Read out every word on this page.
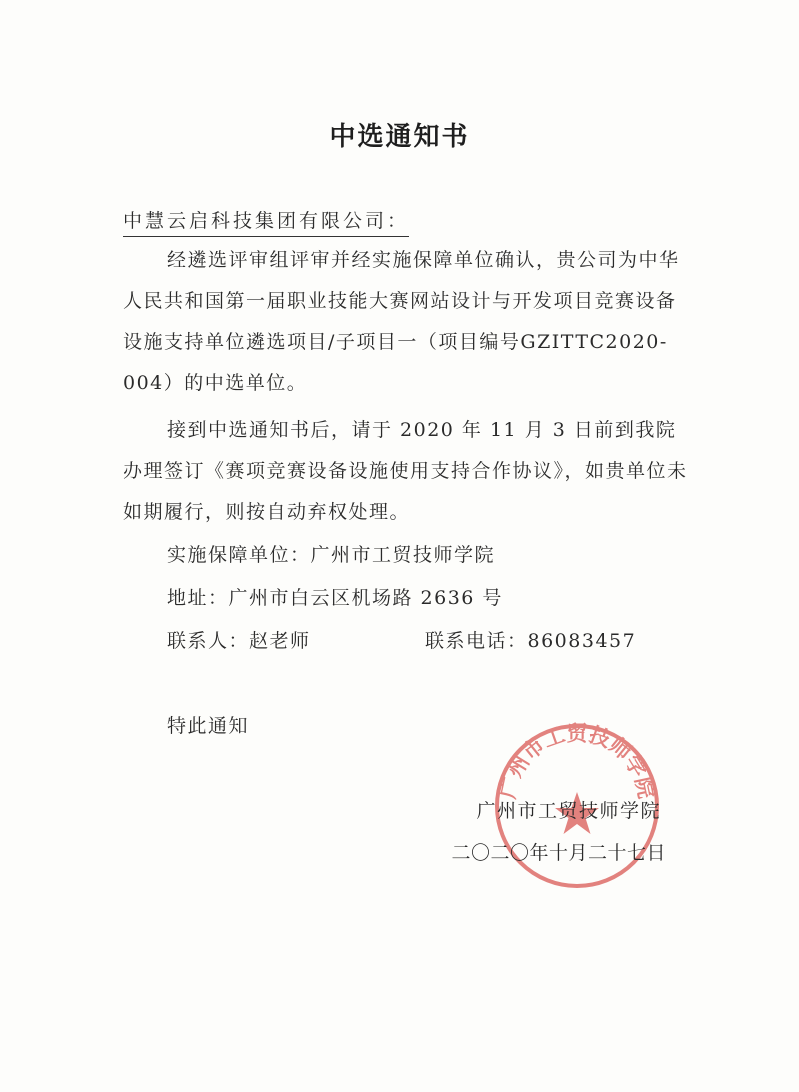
中选通知书
中慧云启科技集团有限公司：
经遴选评审组评审并经实施保障单位确认，贵公司为中华人民共和国第一届职业技能大赛网站设计与开发项目竞赛设备设施支持单位遴选项目/子项目一（项目编号GZITTC2020-004）的中选单位。
接到中选通知书后，请于 2020 年 11 月 3 日前到我院办理签订《赛项竞赛设备设施使用支持合作协议》，如贵单位未如期履行，则按自动弃权处理。
实施保障单位：广州市工贸技师学院
地址：广州市白云区机场路 2636 号
联系人：赵老师	联系电话：86083457
特此通知
广州市工贸技师学院
广州市工贸技师学院
二〇二〇年十月二十七日
